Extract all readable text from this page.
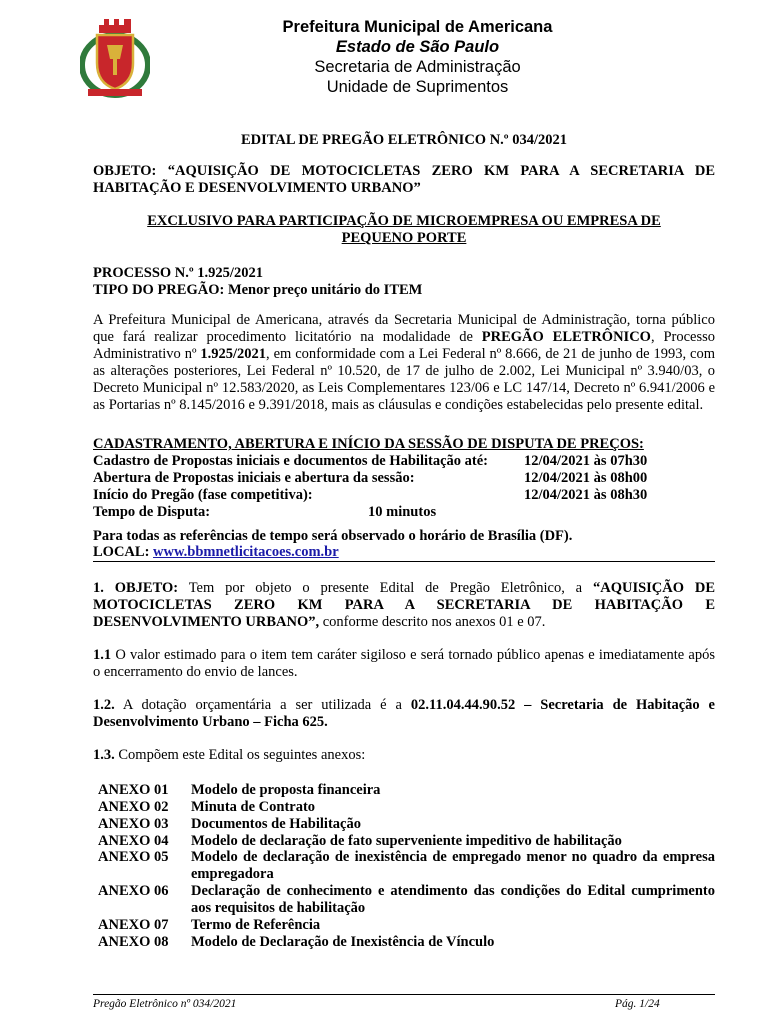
Prefeitura Municipal de Americana
Estado de São Paulo
Secretaria de Administração
Unidade de Suprimentos
EDITAL DE PREGÃO ELETRÔNICO N.º 034/2021
OBJETO: “AQUISIÇÃO DE MOTOCICLETAS ZERO KM PARA A SECRETARIA DE HABITAÇÃO E DESENVOLVIMENTO URBANO”
EXCLUSIVO PARA PARTICIPAÇÃO DE MICROEMPRESA OU EMPRESA DE PEQUENO PORTE
PROCESSO N.º 1.925/2021
TIPO DO PREGÃO: Menor preço unitário do ITEM
A Prefeitura Municipal de Americana, através da Secretaria Municipal de Administração, torna público que fará realizar procedimento licitatório na modalidade de PREGÃO ELETRÔNICO, Processo Administrativo nº 1.925/2021, em conformidade com a Lei Federal nº 8.666, de 21 de junho de 1993, com as alterações posteriores, Lei Federal nº 10.520, de 17 de julho de 2.002, Lei Municipal nº 3.940/03, o Decreto Municipal nº 12.583/2020, as Leis Complementares 123/06 e LC 147/14, Decreto nº 6.941/2006 e as Portarias nº 8.145/2016 e 9.391/2018, mais as cláusulas e condições estabelecidas pelo presente edital.
CADASTRAMENTO, ABERTURA E INÍCIO DA SESSÃO DE DISPUTA DE PREÇOS:
Cadastro de Propostas iniciais e documentos de Habilitação até: 12/04/2021 às 07h30
Abertura de Propostas iniciais e abertura da sessão:	12/04/2021 às 08h00
Início do Pregão (fase competitiva):	12/04/2021 às 08h30
Tempo de Disputa:	10 minutos
Para todas as referências de tempo será observado o horário de Brasília (DF).
LOCAL: www.bbmnetlicitacoes.com.br
1. OBJETO: Tem por objeto o presente Edital de Pregão Eletrônico, a “AQUISIÇÃO DE MOTOCICLETAS ZERO KM PARA A SECRETARIA DE HABITAÇÃO E DESENVOLVIMENTO URBANO”, conforme descrito nos anexos 01 e 07.
1.1 O valor estimado para o item tem caráter sigiloso e será tornado público apenas e imediatamente após o encerramento do envio de lances.
1.2. A dotação orçamentária a ser utilizada é a 02.11.04.44.90.52 – Secretaria de Habitação e Desenvolvimento Urbano – Ficha 625.
1.3. Compõem este Edital os seguintes anexos:
ANEXO 01 Modelo de proposta financeira
ANEXO 02 Minuta de Contrato
ANEXO 03 Documentos de Habilitação
ANEXO 04 Modelo de declaração de fato superveniente impeditivo de habilitação
ANEXO 05 Modelo de declaração de inexistência de empregado menor no quadro da empresa empregadora
ANEXO 06 Declaração de conhecimento e atendimento das condições do Edital cumprimento aos requisitos de habilitação
ANEXO 07 Termo de Referência
ANEXO 08 Modelo de Declaração de Inexistência de Vínculo
Pregão Eletrônico nº 034/2021	Pág. 1/24
